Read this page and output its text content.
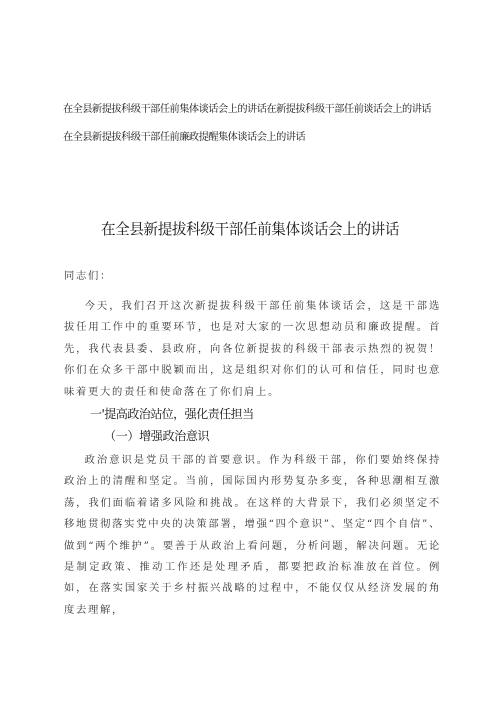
在全县新提拔科级干部任前集体谈话会上的讲话在新提拔科级干部任前谈话会上的讲话

在全县新提拔科级干部任前廉政提醒集体谈话会上的讲话

在全县新提拔科级干部任前集体谈话会上的讲话

同志们：

今天，我们召开这次新提拔科级干部任前集体谈话会，这是干部选拔任用工作中的重要环节，也是对大家的一次思想动员和廉政提醒。首先，我代表县委、县政府，向各位新提拔的科级干部表示热烈的祝贺！你们在众多干部中脱颖而出，这是组织对你们的认可和信任，同时也意味着更大的责任和使命落在了你们肩上。

一'提高政治站位，强化责任担当

（一）增强政治意识

政治意识是党员干部的首要意识。作为科级干部，你们要始终保持政治上的清醒和坚定。当前，国际国内形势复杂多变，各种思潮相互激荡，我们面临着诸多风险和挑战。在这样的大背景下，我们必须坚定不移地贯彻落实党中央的决策部署，增强“四个意识”、坚定“四个自信”、做到“两个维护”。要善于从政治上看问题，分析问题，解决问题。无论是制定政策、推动工作还是处理矛盾，都要把政治标准放在首位。例如，在落实国家关于乡村振兴战略的过程中，不能仅仅从经济发展的角度去理解，
